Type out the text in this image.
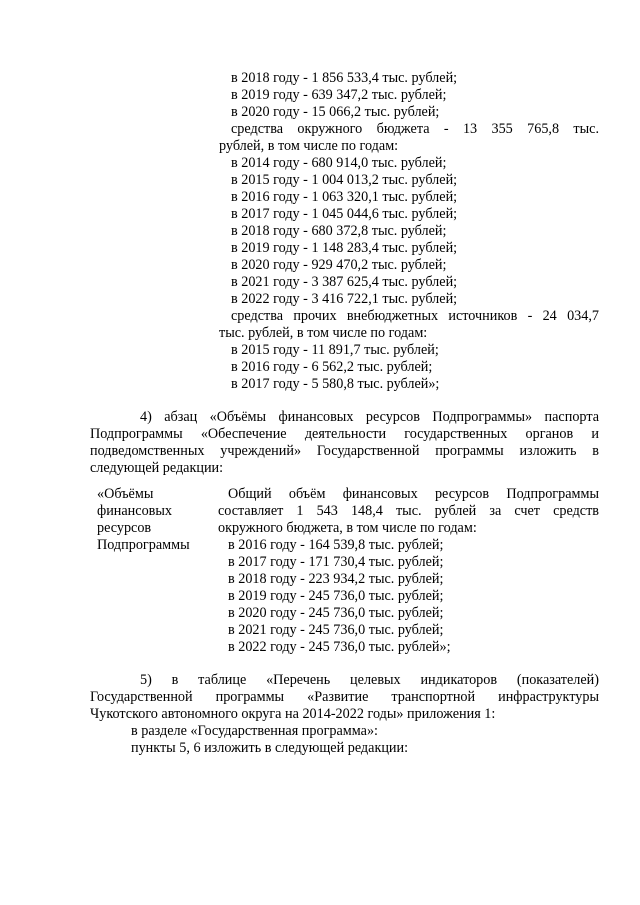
в 2018 году - 1 856 533,4 тыс. рублей;
в 2019 году - 639 347,2 тыс. рублей;
в 2020 году - 15 066,2 тыс. рублей;
средства окружного бюджета - 13 355 765,8 тыс.
рублей, в том числе по годам:
в 2014 году - 680 914,0 тыс. рублей;
в 2015 году - 1 004 013,2 тыс. рублей;
в 2016 году - 1 063 320,1 тыс. рублей;
в 2017 году - 1 045 044,6 тыс. рублей;
в 2018 году - 680 372,8 тыс. рублей;
в 2019 году - 1 148 283,4 тыс. рублей;
в 2020 году - 929 470,2 тыс. рублей;
в 2021 году - 3 387 625,4 тыс. рублей;
в 2022 году - 3 416 722,1 тыс. рублей;
средства прочих внебюджетных источников - 24 034,7
тыс. рублей, в том числе по годам:
в 2015 году - 11 891,7 тыс. рублей;
в 2016 году - 6 562,2 тыс. рублей;
в 2017 году - 5 580,8 тыс. рублей»;
4) абзац «Объёмы финансовых ресурсов Подпрограммы» паспорта
Подпрограммы «Обеспечение деятельности государственных органов и
подведомственных учреждений» Государственной программы изложить в
следующей редакции:
«Объёмы
финансовых
ресурсов
Подпрограммы
Общий объём финансовых ресурсов Подпрограммы
составляет 1 543 148,4 тыс. рублей за счет средств
окружного бюджета, в том числе по годам:
в 2016 году - 164 539,8 тыс. рублей;
в 2017 году - 171 730,4 тыс. рублей;
в 2018 году - 223 934,2 тыс. рублей;
в 2019 году - 245 736,0 тыс. рублей;
в 2020 году - 245 736,0 тыс. рублей;
в 2021 году - 245 736,0 тыс. рублей;
в 2022 году - 245 736,0 тыс. рублей»;
5) в таблице «Перечень целевых индикаторов (показателей)
Государственной программы «Развитие транспортной инфраструктуры
Чукотского автономного округа на 2014-2022 годы» приложения 1:
в разделе «Государственная программа»:
пункты 5, 6 изложить в следующей редакции:
